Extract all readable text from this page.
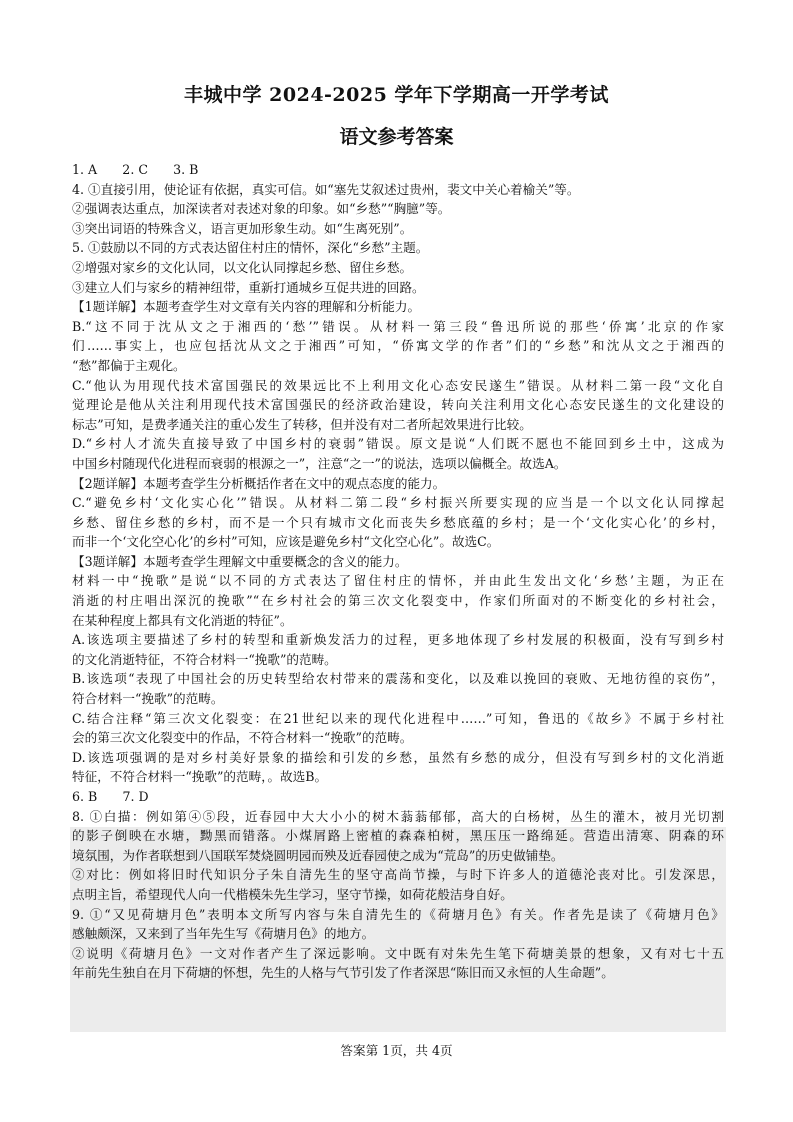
丰城中学 2024-2025 学年下学期高一开学考试
语文参考答案
1. A　　2. C　　3. B
4. ①直接引用，使论证有依据，真实可信。如“塞先艾叙述过贵州，裴文中关心着榆关”等。
②强调表达重点，加深读者对表述对象的印象。如“乡愁”“胸臆”等。
③突出词语的特殊含义，语言更加形象生动。如“生离死别”。
5. ①鼓励以不同的方式表达留住村庄的情怀，深化“乡愁”主题。
②增强对家乡的文化认同，以文化认同撑起乡愁、留住乡愁。
③建立人们与家乡的精神纽带，重新打通城乡互促共进的回路。
【1题详解】本题考查学生对文章有关内容的理解和分析能力。
B.“这不同于沈从文之于湘西的‘愁’”错误。从材料一第三段“鲁迅所说的那些‘侨寓’北京的作家
们……事实上，也应包括沈从文之于湘西”可知，“侨寓文学的作者”们的“乡愁”和沈从文之于湘西的
“愁”都偏于主观化。
C.“他认为用现代技术富国强民的效果远比不上利用文化心态安民遂生”错误。从材料二第一段“文化自
觉理论是他从关注利用现代技术富国强民的经济政治建设，转向关注利用文化心态安民遂生的文化建设的
标志”可知，是费孝通关注的重心发生了转移，但并没有对二者所起效果进行比较。
D.“乡村人才流失直接导致了中国乡村的衰弱”错误。原文是说“人们既不愿也不能回到乡土中，这成为
中国乡村随现代化进程而衰弱的根源之一”，注意“之一”的说法，选项以偏概全。故选A。
【2题详解】本题考查学生分析概括作者在文中的观点态度的能力。
C.“避免乡村‘文化实心化’”错误。从材料二第二段“乡村振兴所要实现的应当是一个以文化认同撑起
乡愁、留住乡愁的乡村，而不是一个只有城市文化而丧失乡愁底蕴的乡村；是一个‘文化实心化’的乡村，
而非一个‘文化空心化’的乡村”可知，应该是避免乡村“文化空心化”。故选C。
【3题详解】本题考查学生理解文中重要概念的含义的能力。
材料一中“挽歌”是说“以不同的方式表达了留住村庄的情怀，并由此生发出文化‘乡愁’主题，为正在
消逝的村庄唱出深沉的挽歌”“在乡村社会的第三次文化裂变中，作家们所面对的不断变化的乡村社会，
在某种程度上都具有文化消逝的特征”。
A.该选项主要描述了乡村的转型和重新焕发活力的过程，更多地体现了乡村发展的积极面，没有写到乡村
的文化消逝特征，不符合材料一“挽歌”的范畴。
B.该选项“表现了中国社会的历史转型给农村带来的震荡和变化，以及难以挽回的衰败、无地彷徨的哀伤”，
符合材料一“挽歌”的范畴。
C.结合注释“第三次文化裂变：在21世纪以来的现代化进程中……”可知，鲁迅的《故乡》不属于乡村社
会的第三次文化裂变中的作品，不符合材料一“挽歌”的范畴。
D.该选项强调的是对乡村美好景象的描绘和引发的乡愁，虽然有乡愁的成分，但没有写到乡村的文化消逝
特征，不符合材料一“挽歌”的范畴，。故选B。
6. B　　7. D
8. ①白描：例如第④⑤段，近春园中大大小小的树木蓊蓊郁郁，高大的白杨树，丛生的灌木，被月光切割
的影子倒映在水塘，黝黑而错落。小煤屑路上密植的森森柏树，黑压压一路绵延。营造出清寒、阴森的环
境氛围，为作者联想到八国联军焚烧圆明园而殃及近春园使之成为“荒岛”的历史做铺垫。
②对比：例如将旧时代知识分子朱自清先生的坚守高尚节操，与时下许多人的道德沦丧对比。引发深思，
点明主旨，希望现代人向一代楷模朱先生学习，坚守节操，如荷花般洁身自好。
9. ①“又见荷塘月色”表明本文所写内容与朱自清先生的《荷塘月色》有关。作者先是读了《荷塘月色》
感触颇深，又来到了当年先生写《荷塘月色》的地方。
②说明《荷塘月色》一文对作者产生了深远影响。文中既有对朱先生笔下荷塘美景的想象，又有对七十五
年前先生独自在月下荷塘的怀想，先生的人格与气节引发了作者深思“陈旧而又永恒的人生命题”。
答案第 1页，共 4页
